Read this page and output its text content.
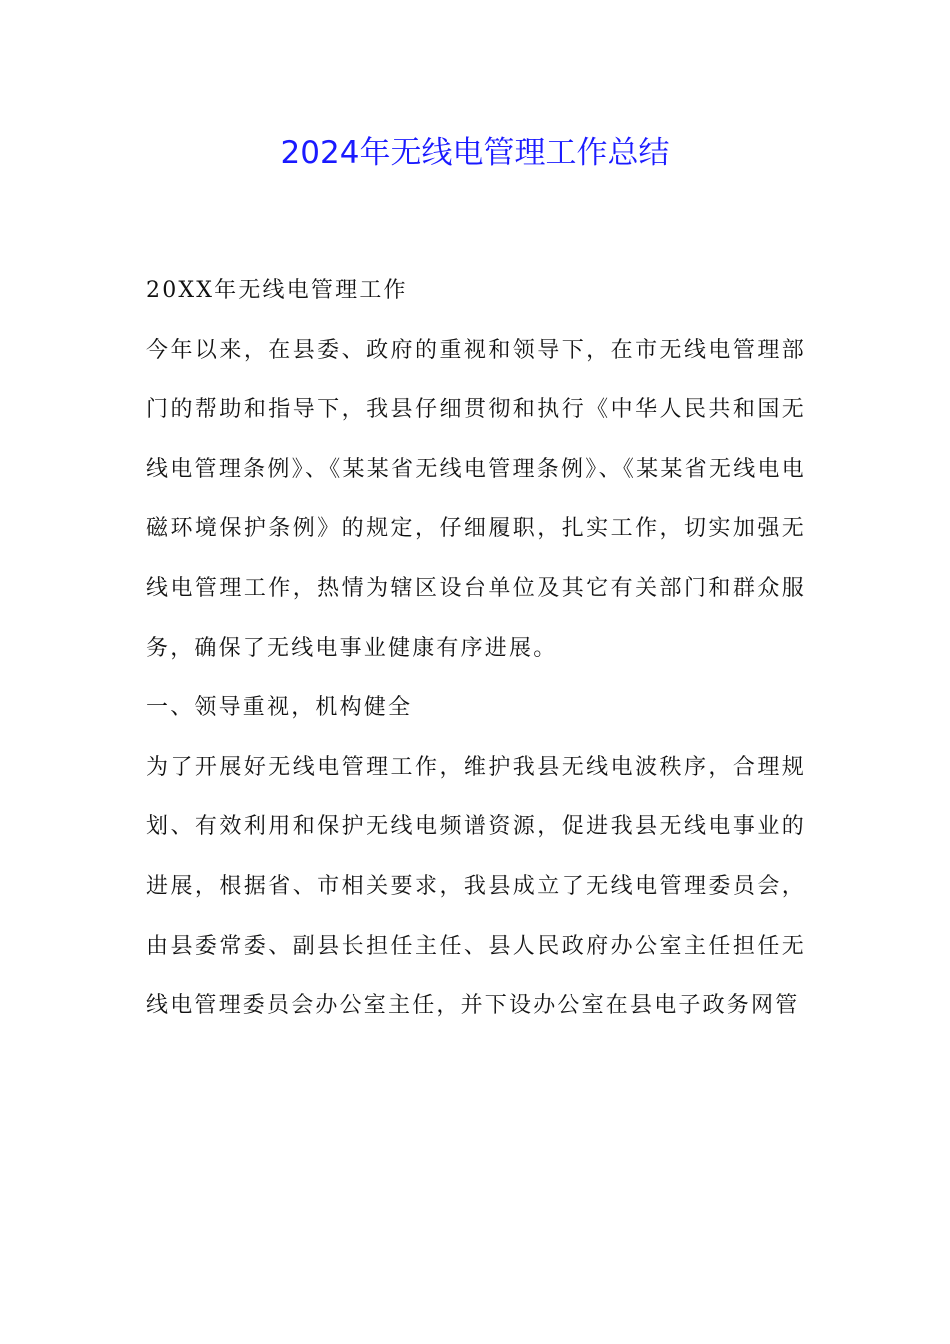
2024年无线电管理工作总结

20XX年无线电管理工作

今年以来，在县委、政府的重视和领导下，在市无线电管理部门的帮助和指导下，我县仔细贯彻和执行《中华人民共和国无线电管理条例》、《某某省无线电管理条例》、《某某省无线电电磁环境保护条例》的规定，仔细履职，扎实工作，切实加强无线电管理工作，热情为辖区设台单位及其它有关部门和群众服务，确保了无线电事业健康有序进展。

一、领导重视，机构健全

为了开展好无线电管理工作，维护我县无线电波秩序，合理规划、有效利用和保护无线电频谱资源，促进我县无线电事业的进展，根据省、市相关要求，我县成立了无线电管理委员会，由县委常委、副县长担任主任、县人民政府办公室主任担任无线电管理委员会办公室主任，并下设办公室在县电子政务网管
